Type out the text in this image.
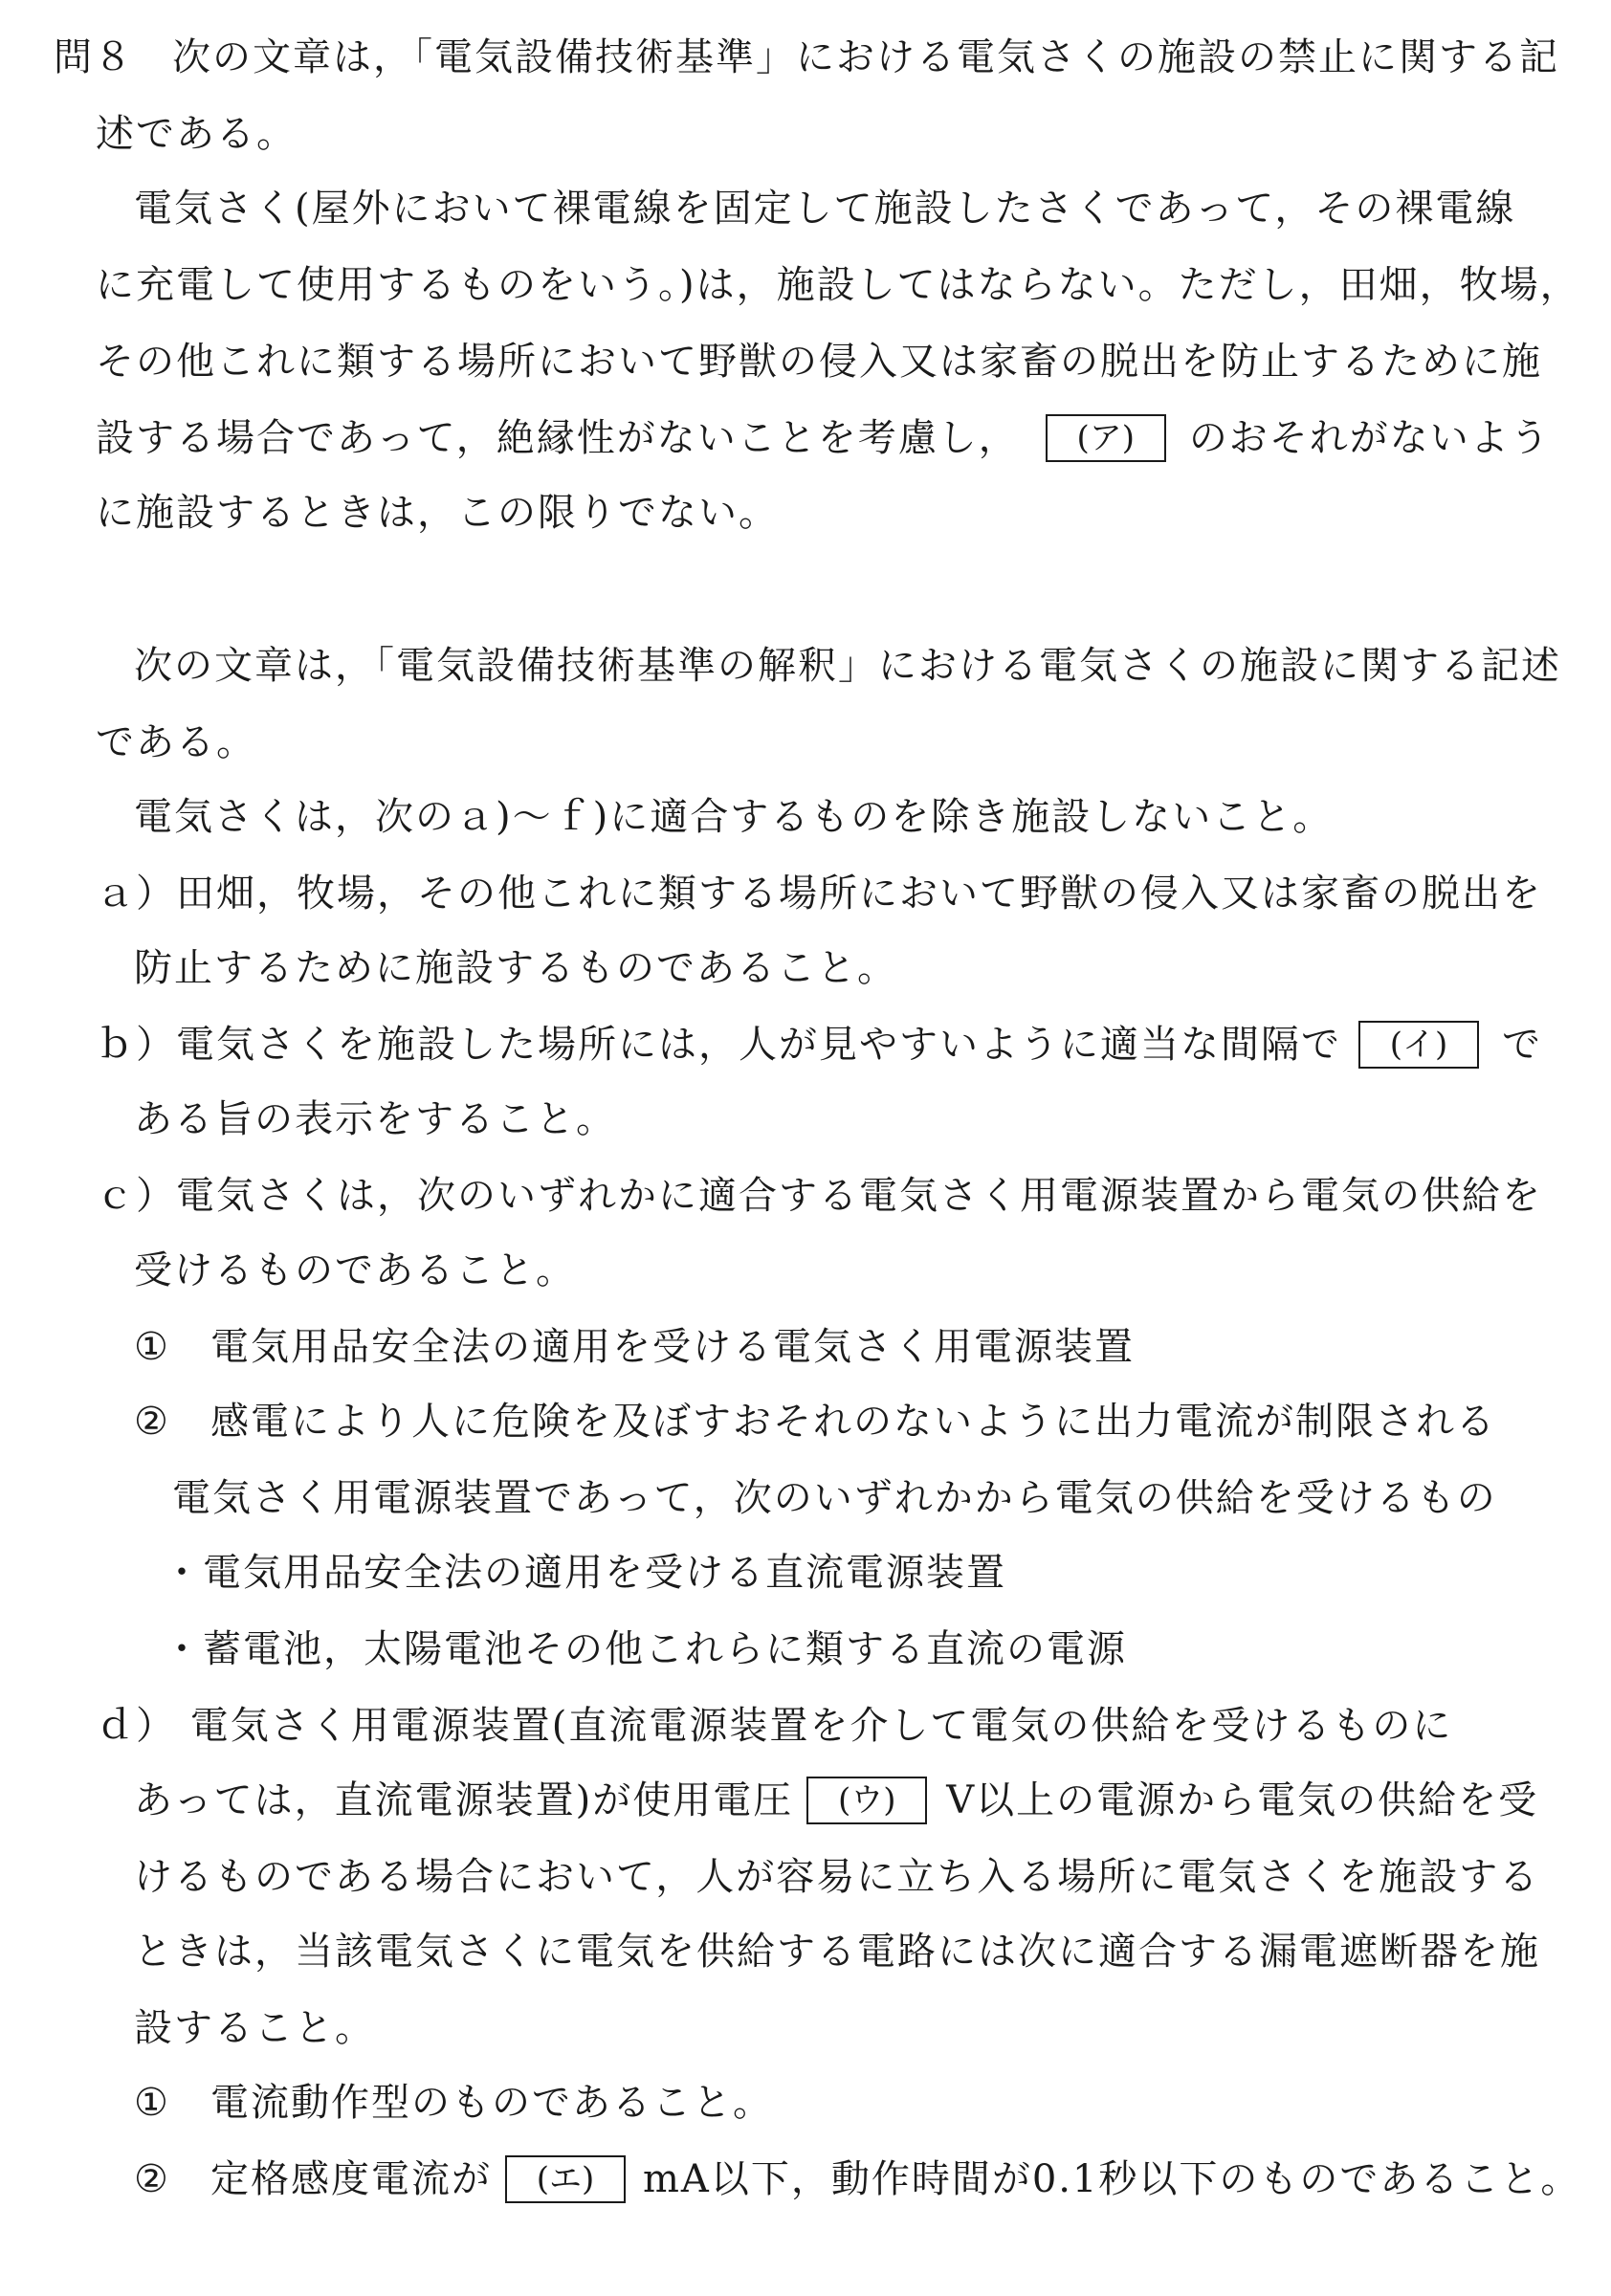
問８ 次の文章は，「電気設備技術基準」における電気さくの施設の禁止に関する記
述である。
電気さく(屋外において裸電線を固定して施設したさくであって，その裸電線
に充電して使用するものをいう。)は，施設してはならない。ただし，田畑，牧場，
その他これに類する場所において野獣の侵入又は家畜の脱出を防止するために施
設する場合であって，絶縁性がないことを考慮し， (ア) のおそれがないよう
に施設するときは，この限りでない。
次の文章は，「電気設備技術基準の解釈」における電気さくの施設に関する記述
である。
電気さくは，次のａ)～ｆ)に適合するものを除き施設しないこと。
ａ）田畑，牧場，その他これに類する場所において野獣の侵入又は家畜の脱出を
防止するために施設するものであること。
ｂ）電気さくを施設した場所には，人が見やすいように適当な間隔で (イ) で
ある旨の表示をすること。
ｃ）電気さくは，次のいずれかに適合する電気さく用電源装置から電気の供給を
受けるものであること。
① 電気用品安全法の適用を受ける電気さく用電源装置
② 感電により人に危険を及ぼすおそれのないように出力電流が制限される
電気さく用電源装置であって，次のいずれかから電気の供給を受けるもの
・電気用品安全法の適用を受ける直流電源装置
・蓄電池，太陽電池その他これらに類する直流の電源
ｄ） 電気さく用電源装置(直流電源装置を介して電気の供給を受けるものに
あっては，直流電源装置)が使用電圧 (ウ) V以上の電源から電気の供給を受
けるものである場合において，人が容易に立ち入る場所に電気さくを施設する
ときは，当該電気さくに電気を供給する電路には次に適合する漏電遮断器を施
設すること。
① 電流動作型のものであること。
② 定格感度電流が (エ) mA以下，動作時間が0.1秒以下のものであること。
